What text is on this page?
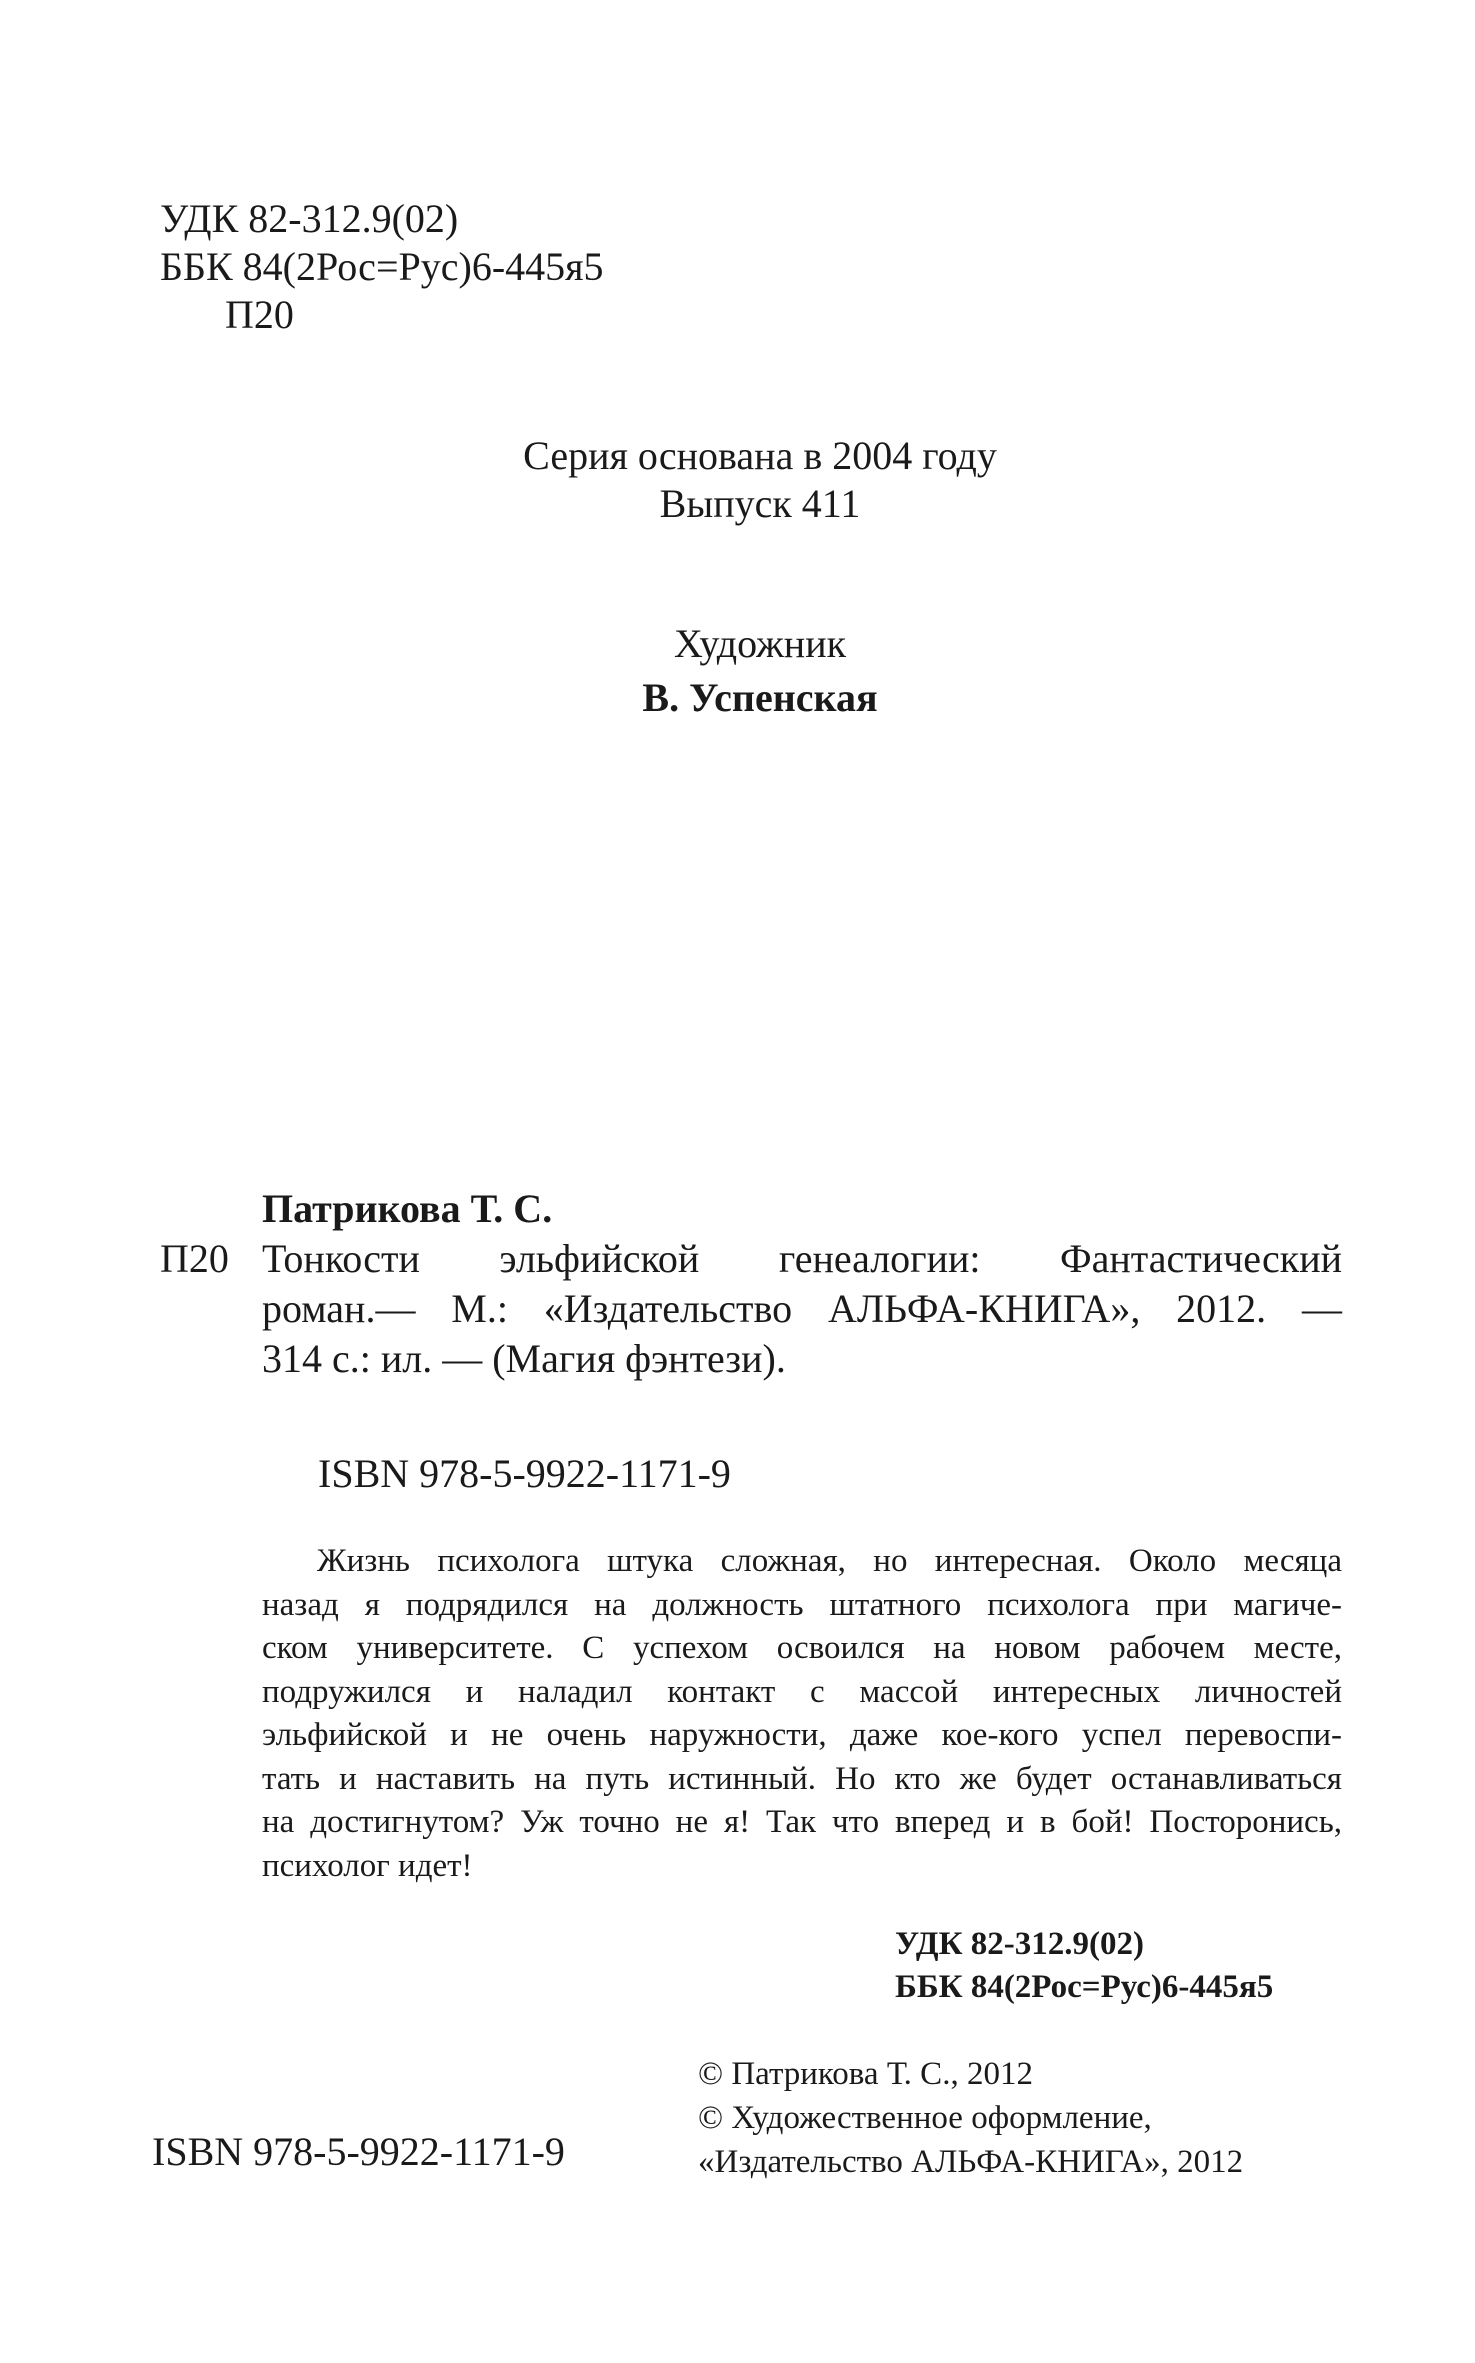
УДК 82-312.9(02)
ББК 84(2Рос=Рус)6-445я5
П20
Серия основана в 2004 году
Выпуск 411
Художник
В. Успенская
Патрикова Т. С.
П20 Тонкости эльфийской генеалогии: Фантастический
роман.— М.: «Издательство АЛЬФА-КНИГА», 2012. —
314 с.: ил. — (Магия фэнтези).
ISBN 978-5-9922-1171-9
Жизнь психолога штука сложная, но интересная. Около месяца
назад я подрядился на должность штатного психолога при магиче-
ском университете. С успехом освоился на новом рабочем месте,
подружился и наладил контакт с массой интересных личностей
эльфийской и не очень наружности, даже кое-кого успел перевоспи-
тать и наставить на путь истинный. Но кто же будет останавливаться
на достигнутом? Уж точно не я! Так что вперед и в бой! Посторонись,
психолог идет!
УДК 82-312.9(02)
ББК 84(2Рос=Рус)6-445я5
© Патрикова Т. С., 2012
© Художественное оформление,
«Издательство АЛЬФА-КНИГА», 2012
ISBN 978-5-9922-1171-9
